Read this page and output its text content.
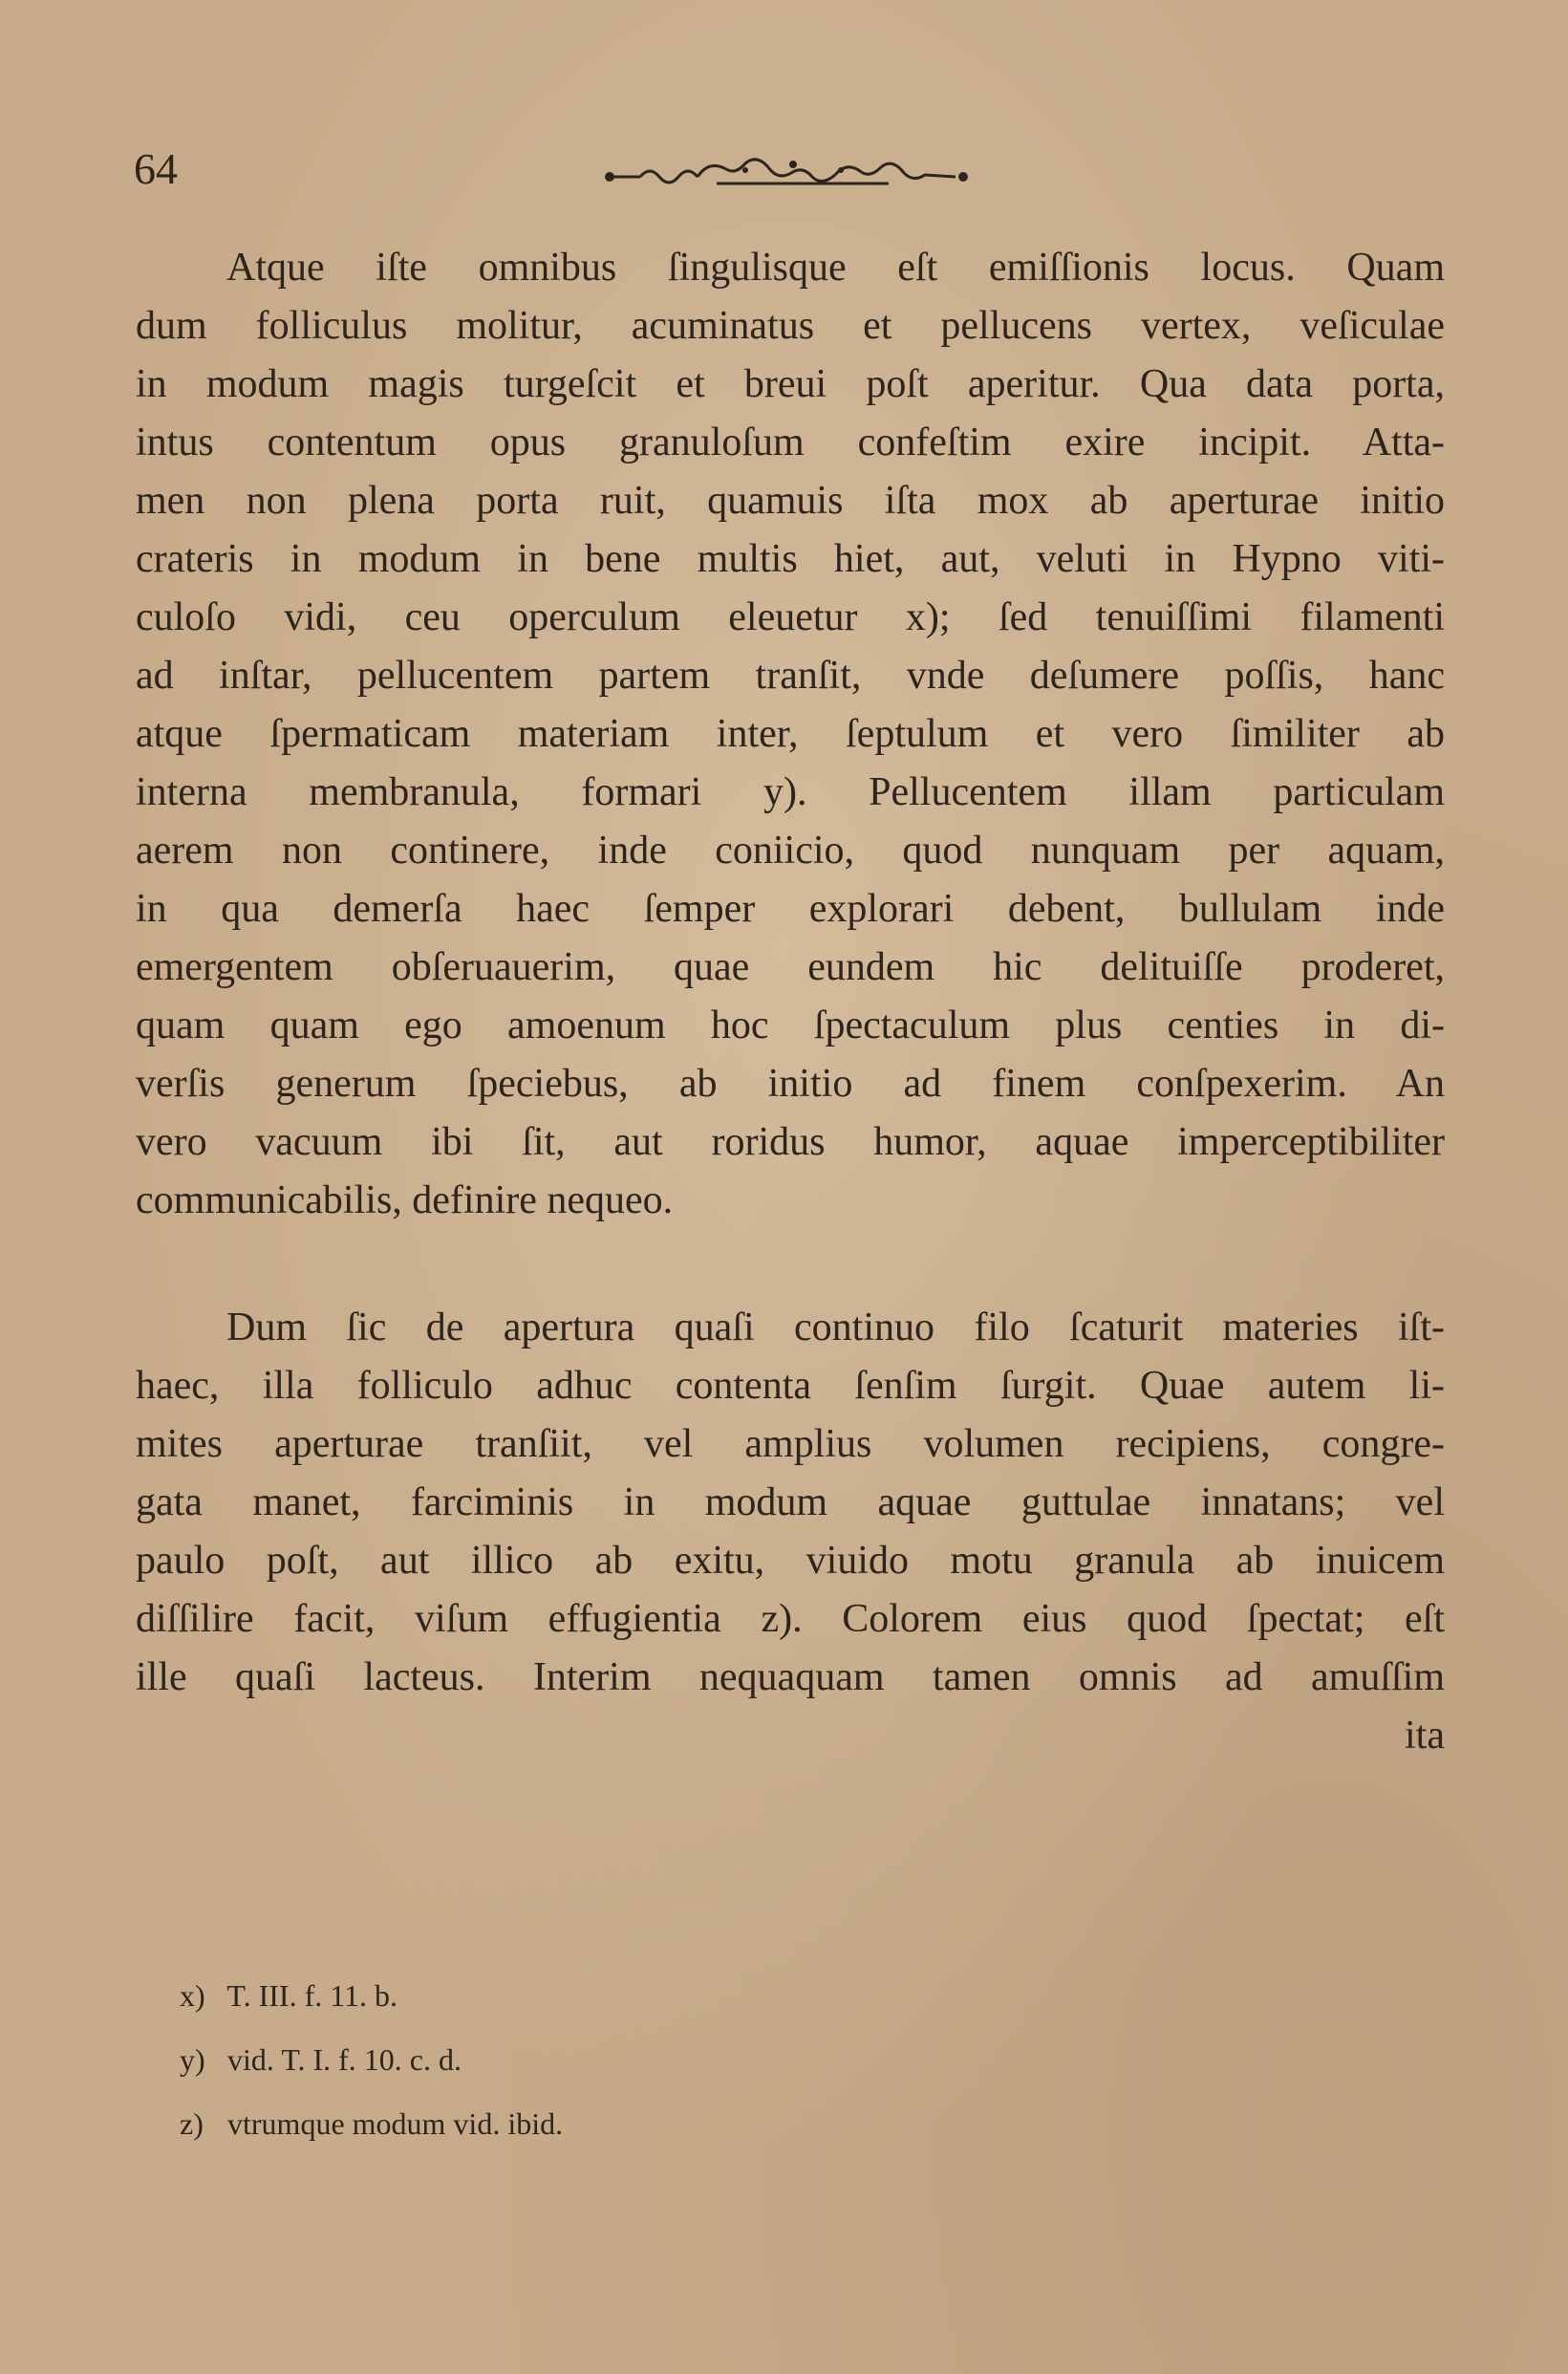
64
Atque iſte omnibus ſingulisque eſt emiſſionis locus. Quam
dum folliculus molitur, acuminatus et pellucens vertex, veſiculae
in modum magis turgeſcit et breui poſt aperitur. Qua data porta,
intus contentum opus granuloſum confeſtim exire incipit. Atta-
men non plena porta ruit, quamuis iſta mox ab aperturae initio
crateris in modum in bene multis hiet, aut, veluti in Hypno viti-
culoſo vidi, ceu operculum eleuetur x); ſed tenuiſſimi filamenti
ad inſtar, pellucentem partem tranſit, vnde deſumere poſſis, hanc
atque ſpermaticam materiam inter, ſeptulum et vero ſimiliter ab
interna membranula, formari y). Pellucentem illam particulam
aerem non continere, inde coniicio, quod nunquam per aquam,
in qua demerſa haec ſemper explorari debent, bullulam inde
emergentem obſeruauerim, quae eundem hic delituiſſe proderet,
quam quam ego amoenum hoc ſpectaculum plus centies in di-
verſis generum ſpeciebus, ab initio ad finem conſpexerim. An
vero vacuum ibi ſit, aut roridus humor, aquae imperceptibiliter
communicabilis, definire nequeo.
Dum ſic de apertura quaſi continuo filo ſcaturit materies iſt-
haec, illa folliculo adhuc contenta ſenſim ſurgit. Quae autem li-
mites aperturae tranſiit, vel amplius volumen recipiens, congre-
gata manet, farciminis in modum aquae guttulae innatans; vel
paulo poſt, aut illico ab exitu, viuido motu granula ab inuicem
diſſilire facit, viſum effugientia z). Colorem eius quod ſpectat; eſt
ille quaſi lacteus. Interim nequaquam tamen omnis ad amuſſim
ita
x) T. III. f. 11. b.
y) vid. T. I. f. 10. c. d.
z) vtrumque modum vid. ibid.
